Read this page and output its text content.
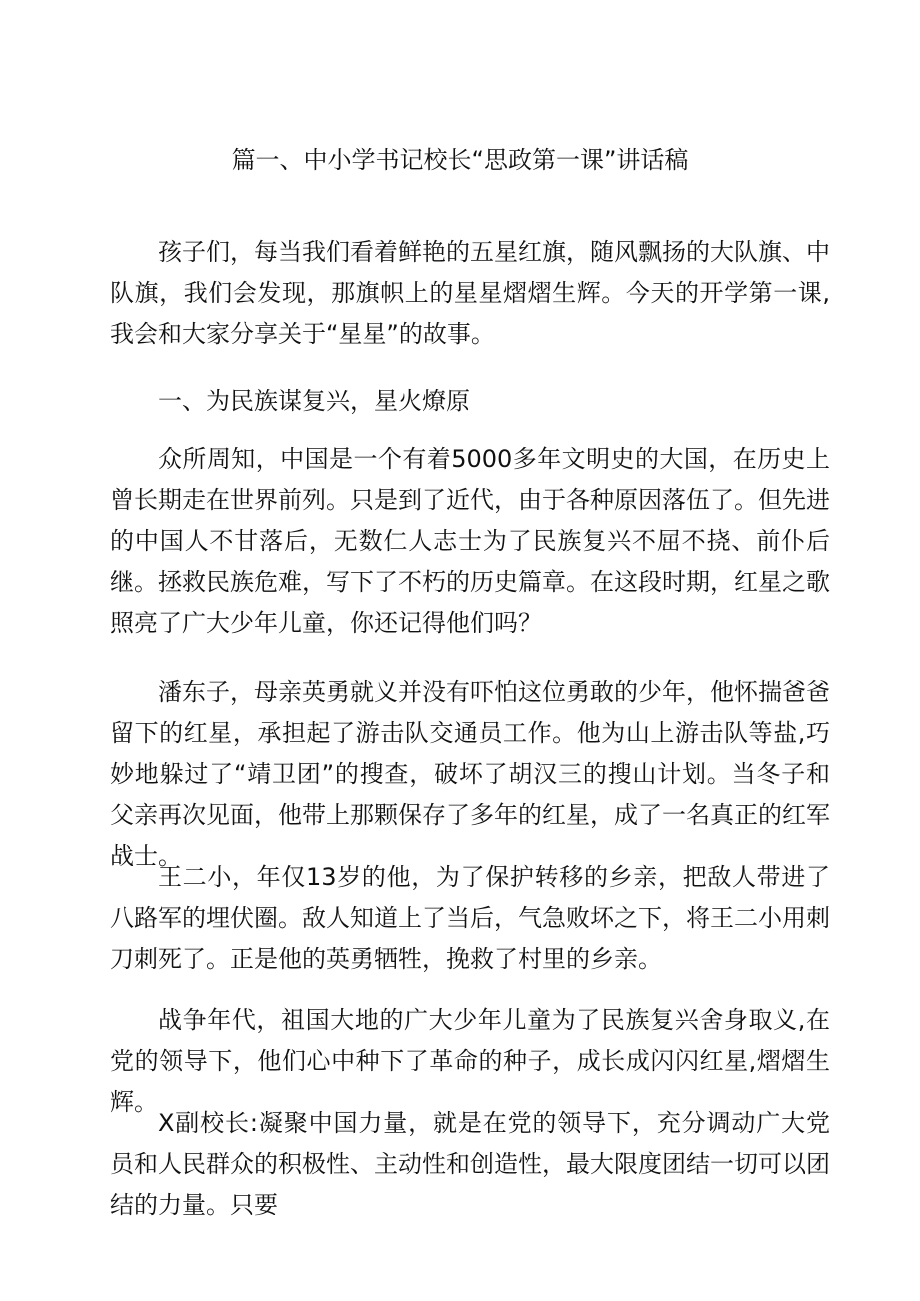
篇一、中小学书记校长“思政第一课”讲话稿

孩子们，每当我们看着鲜艳的五星红旗，随风飘扬的大队旗、中队旗，我们会发现，那旗帜上的星星熠熠生辉。今天的开学第一课,我会和大家分享关于“星星”的故事。

一、为民族谋复兴，星火燎原

众所周知，中国是一个有着5000多年文明史的大国，在历史上曾长期走在世界前列。只是到了近代，由于各种原因落伍了。但先进的中国人不甘落后，无数仁人志士为了民族复兴不屈不挠、前仆后继。拯救民族危难，写下了不朽的历史篇章。在这段时期，红星之歌照亮了广大少年儿童，你还记得他们吗？

潘东子，母亲英勇就义并没有吓怕这位勇敢的少年，他怀揣爸爸留下的红星，承担起了游击队交通员工作。他为山上游击队等盐,巧妙地躲过了“靖卫团”的搜查，破坏了胡汉三的搜山计划。当冬子和父亲再次见面，他带上那颗保存了多年的红星，成了一名真正的红军战士。

王二小，年仅13岁的他，为了保护转移的乡亲，把敌人带进了八路军的埋伏圈。敌人知道上了当后，气急败坏之下，将王二小用刺刀刺死了。正是他的英勇牺牲，挽救了村里的乡亲。

战争年代，祖国大地的广大少年儿童为了民族复兴舍身取义,在党的领导下，他们心中种下了革命的种子，成长成闪闪红星,熠熠生辉。

X副校长:凝聚中国力量，就是在党的领导下，充分调动广大党员和人民群众的积极性、主动性和创造性，最大限度团结一切可以团结的力量。只要
